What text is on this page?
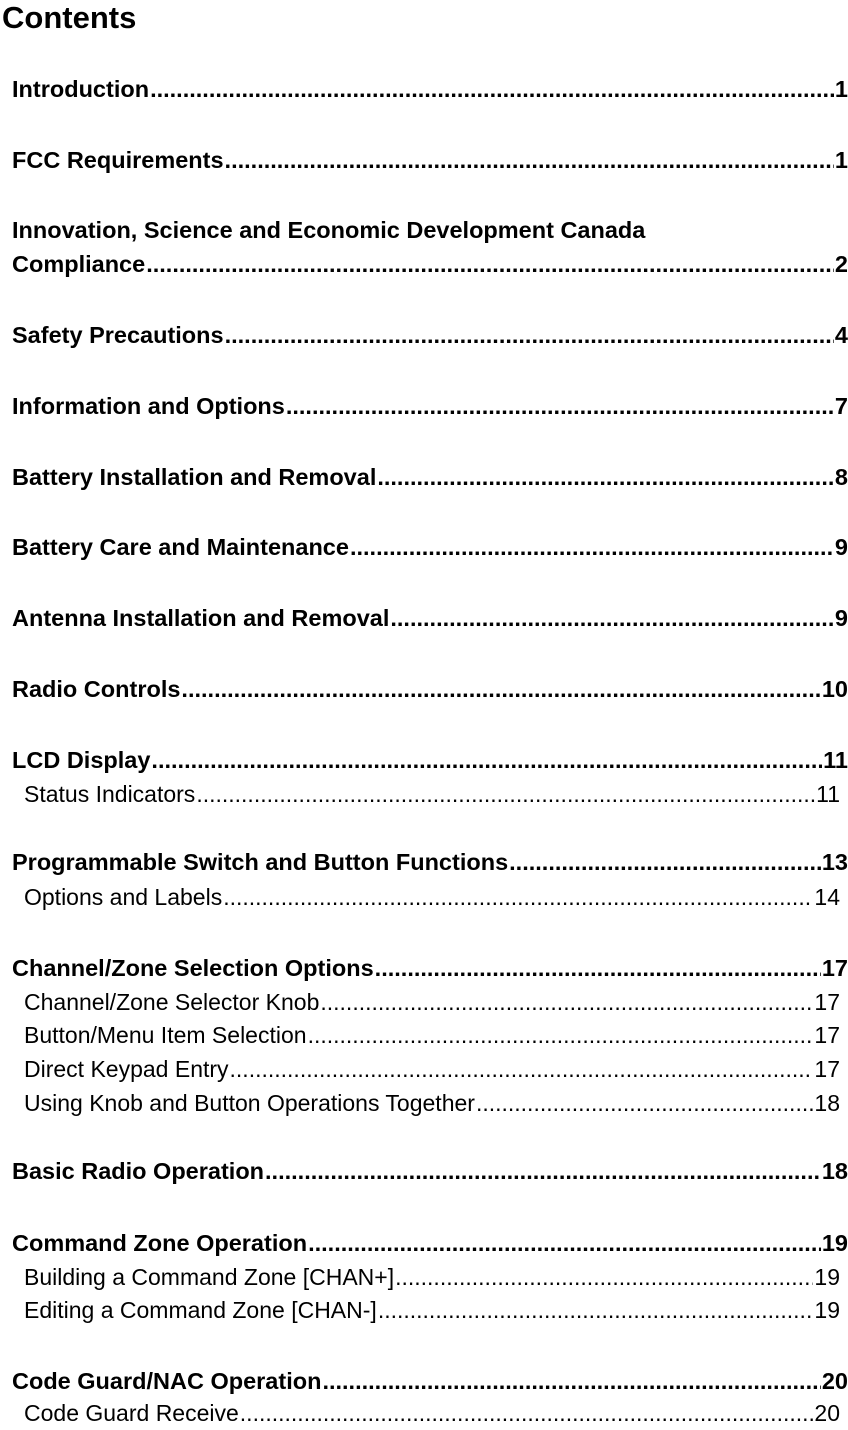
Contents
Introduction .....	1
FCC Requirements .....	1
Innovation, Science and Economic Development Canada
Compliance .....	2
Safety Precautions .....	4
Information and Options .....	7
Battery Installation and Removal .....	8
Battery Care and Maintenance .....	9
Antenna Installation and Removal .....	9
Radio Controls .....	10
LCD Display .....	11
Status Indicators .....	11
Programmable Switch and Button Functions .....	13
Options and Labels .....	14
Channel/Zone Selection Options .....	17
Channel/Zone Selector Knob .....	17
Button/Menu Item Selection .....	17
Direct Keypad Entry .....	17
Using Knob and Button Operations Together .....	18
Basic Radio Operation .....	18
Command Zone Operation .....	19
Building a Command Zone [CHAN+] .....	19
Editing a Command Zone [CHAN-] .....	19
Code Guard/NAC Operation .....	20
Code Guard Receive .....	20
